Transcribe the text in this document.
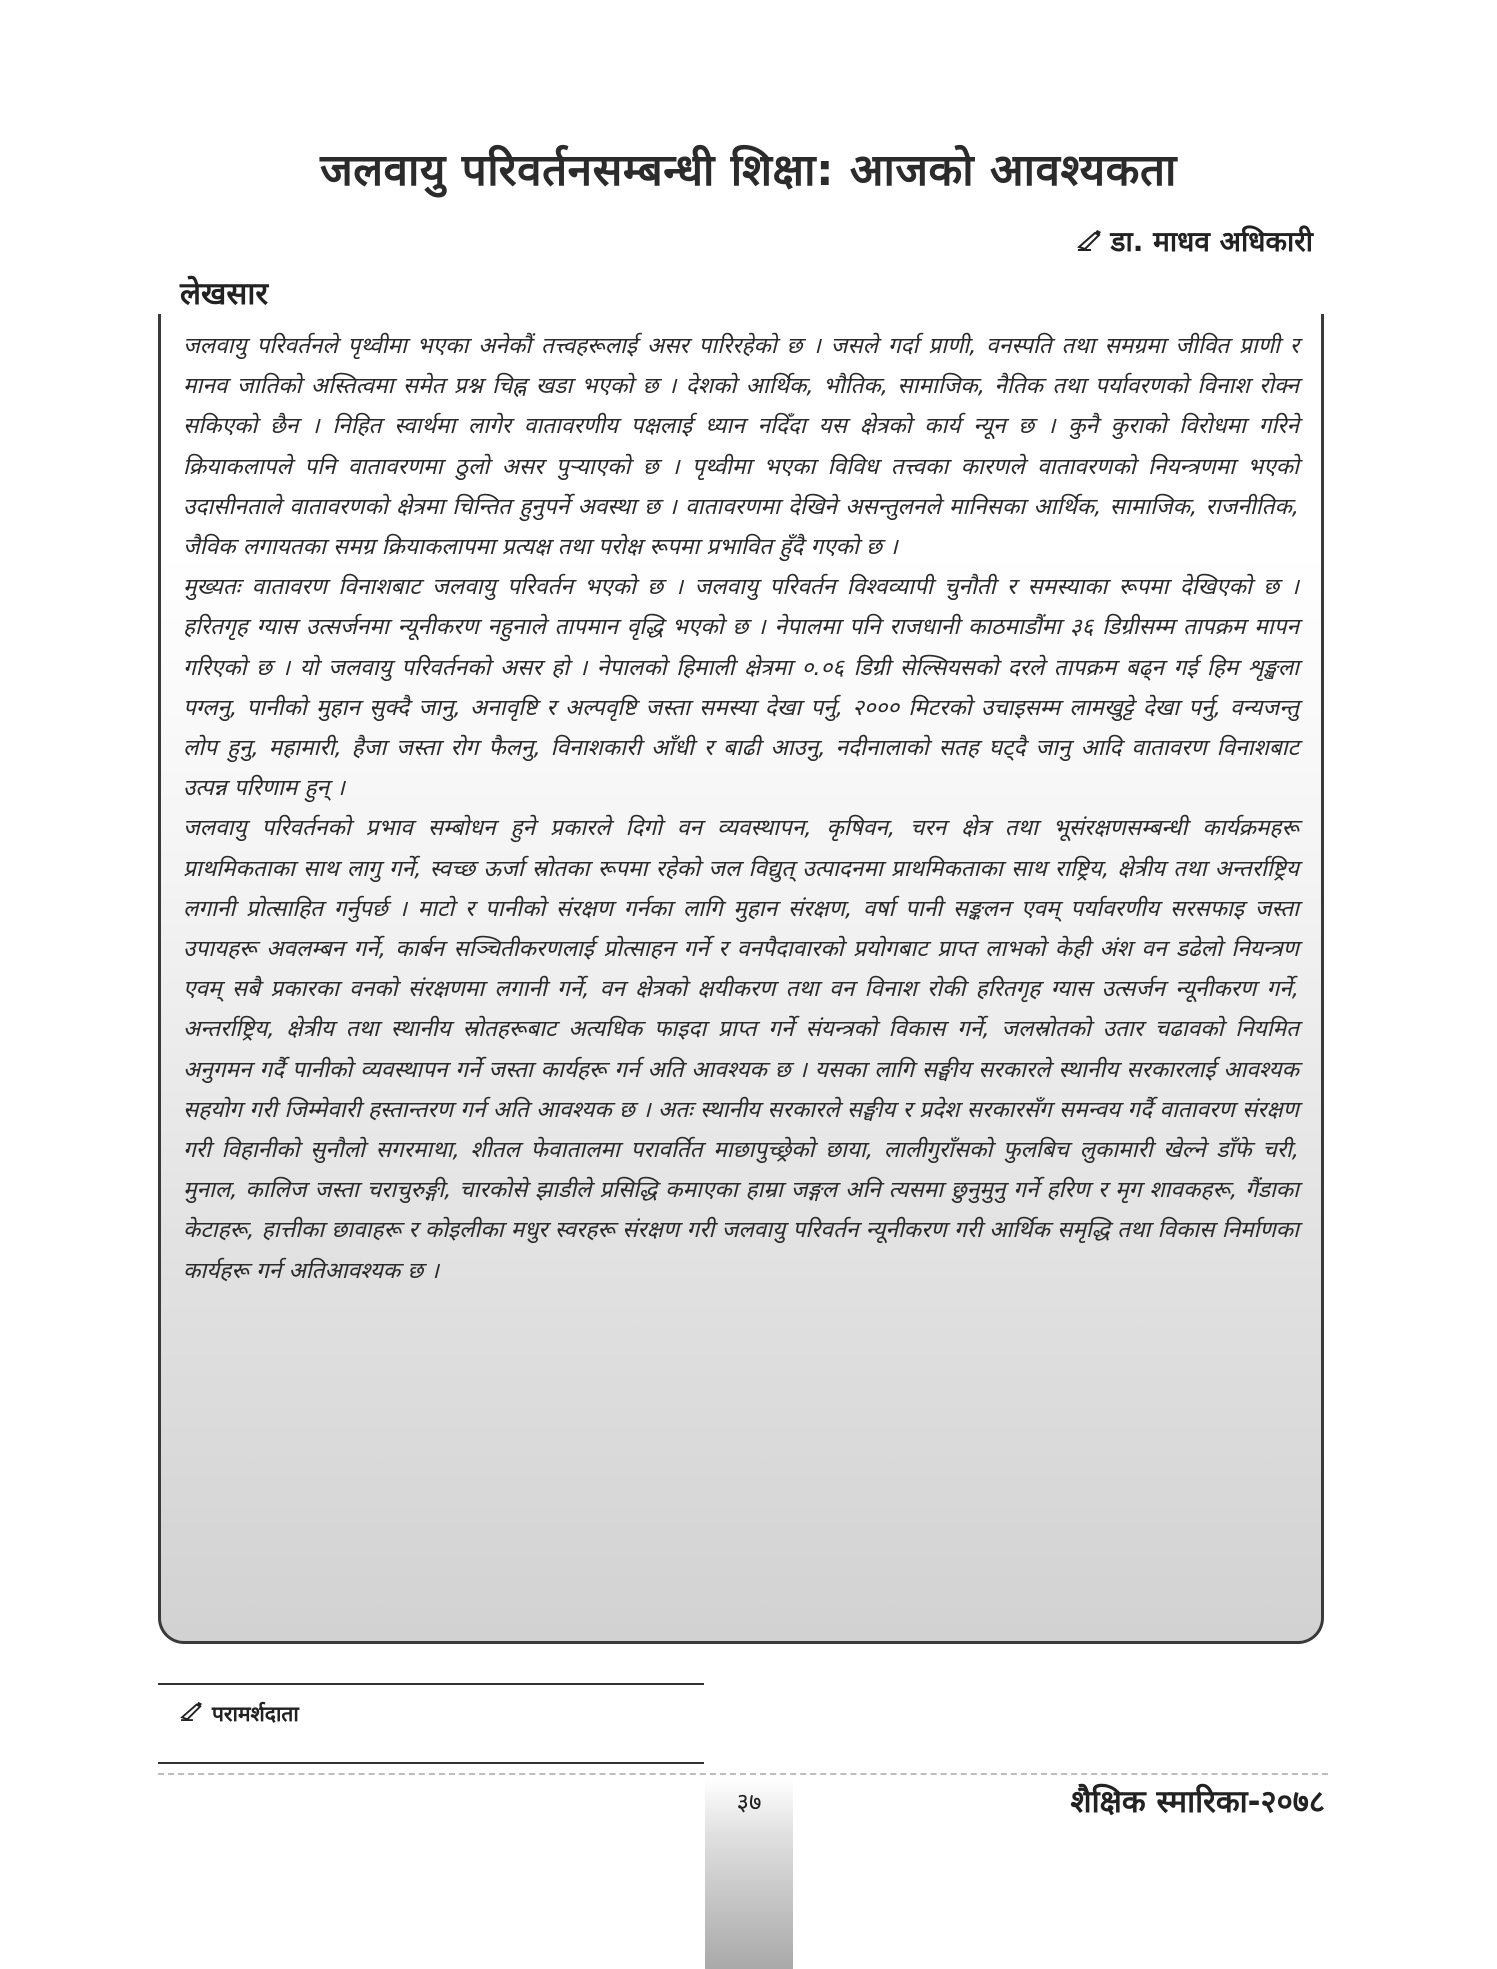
जलवायु परिवर्तनसम्बन्धी शिक्षा: आजको आवश्यकता
डा. माधव अधिकारी
लेखसार

जलवायु परिवर्तनले पृथ्वीमा भएका अनेकौं तत्त्वहरूलाई असर पारिरहेको छ । जसले गर्दा प्राणी, वनस्पति तथा समग्रमा जीवित प्राणी र मानव जातिको अस्तित्वमा समेत प्रश्न चिह्न खडा भएको छ । देशको आर्थिक, भौतिक, सामाजिक, नैतिक तथा पर्यावरणको विनाश रोक्न सकिएको छैन । निहित स्वार्थमा लागेर वातावरणीय पक्षलाई ध्यान नदिँदा यस क्षेत्रको कार्य न्यून छ । कुनै कुराको विरोधमा गरिने क्रियाकलापले पनि वातावरणमा ठुलो असर पुऱ्याएको छ । पृथ्वीमा भएका विविध तत्त्वका कारणले वातावरणको नियन्त्रणमा भएको उदासीनताले वातावरणको क्षेत्रमा चिन्तित हुनुपर्ने अवस्था छ । वातावरणमा देखिने असन्तुलनले मानिसका आर्थिक, सामाजिक, राजनीतिक, जैविक लगायतका समग्र क्रियाकलापमा प्रत्यक्ष तथा परोक्ष रूपमा प्रभावित हुँदै गएको छ ।

मुख्यतः वातावरण विनाशबाट जलवायु परिवर्तन भएको छ । जलवायु परिवर्तन विश्वव्यापी चुनौती र समस्याका रूपमा देखिएको छ । हरितगृह ग्यास उत्सर्जनमा न्यूनीकरण नहुनाले तापमान वृद्धि भएको छ । नेपालमा पनि राजधानी काठमाडौंमा ३६ डिग्रीसम्म तापक्रम मापन गरिएको छ । यो जलवायु परिवर्तनको असर हो । नेपालको हिमाली क्षेत्रमा ०.०६ डिग्री सेल्सियसको दरले तापक्रम बढ्न गई हिम शृङ्खला पग्लनु, पानीको मुहान सुक्दै जानु, अनावृष्टि र अल्पवृष्टि जस्ता समस्या देखा पर्नु, २००० मिटरको उचाइसम्म लामखुट्टे देखा पर्नु, वन्यजन्तु लोप हुनु, महामारी, हैजा जस्ता रोग फैलनु, विनाशकारी आँधी र बाढी आउनु, नदीनालाको सतह घट्दै जानु आदि वातावरण विनाशबाट उत्पन्न परिणाम हुन् ।

जलवायु परिवर्तनको प्रभाव सम्बोधन हुने प्रकारले दिगो वन व्यवस्थापन, कृषिवन, चरन क्षेत्र तथा भूसंरक्षणसम्बन्धी कार्यक्रमहरू प्राथमिकताका साथ लागु गर्ने, स्वच्छ ऊर्जा स्रोतका रूपमा रहेको जल विद्युत् उत्पादनमा प्राथमिकताका साथ राष्ट्रिय, क्षेत्रीय तथा अन्तर्राष्ट्रिय लगानी प्रोत्साहित गर्नुपर्छ । माटो र पानीको संरक्षण गर्नका लागि मुहान संरक्षण, वर्षा पानी सङ्कलन एवम् पर्यावरणीय सरसफाइ जस्ता उपायहरू अवलम्बन गर्ने, कार्बन सञ्चितीकरणलाई प्रोत्साहन गर्ने र वनपैदावारको प्रयोगबाट प्राप्त लाभको केही अंश वन डढेलो नियन्त्रण एवम् सबै प्रकारका वनको संरक्षणमा लगानी गर्ने, वन क्षेत्रको क्षयीकरण तथा वन विनाश रोकी हरितगृह ग्यास उत्सर्जन न्यूनीकरण गर्ने, अन्तर्राष्ट्रिय, क्षेत्रीय तथा स्थानीय स्रोतहरूबाट अत्यधिक फाइदा प्राप्त गर्ने संयन्त्रको विकास गर्ने, जलस्रोतको उतार चढावको नियमित अनुगमन गर्दै पानीको व्यवस्थापन गर्ने जस्ता कार्यहरू गर्न अति आवश्यक छ । यसका लागि सङ्घीय सरकारले स्थानीय सरकारलाई आवश्यक सहयोग गरी जिम्मेवारी हस्तान्तरण गर्न अति आवश्यक छ । अतः स्थानीय सरकारले सङ्घीय र प्रदेश सरकारसँग समन्वय गर्दै वातावरण संरक्षण गरी विहानीको सुनौलो सगरमाथा, शीतल फेवातालमा परावर्तित माछापुच्छ्रेको छाया, लालीगुराँसको फुलबिच लुकामारी खेल्ने डाँफे चरी, मुनाल, कालिज जस्ता चराचुरुङ्गी, चारकोसे झाडीले प्रसिद्धि कमाएका हाम्रा जङ्गल अनि त्यसमा छुनुमुनु गर्ने हरिण र मृग शावकहरू, गैंडाका केटाहरू, हात्तीका छावाहरू र कोइलीका मधुर स्वरहरू संरक्षण गरी जलवायु परिवर्तन न्यूनीकरण गरी आर्थिक समृद्धि तथा विकास निर्माणका कार्यहरू गर्न अतिआवश्यक छ ।

परामर्शदाता
३७	शैक्षिक स्मारिका-२०७८
